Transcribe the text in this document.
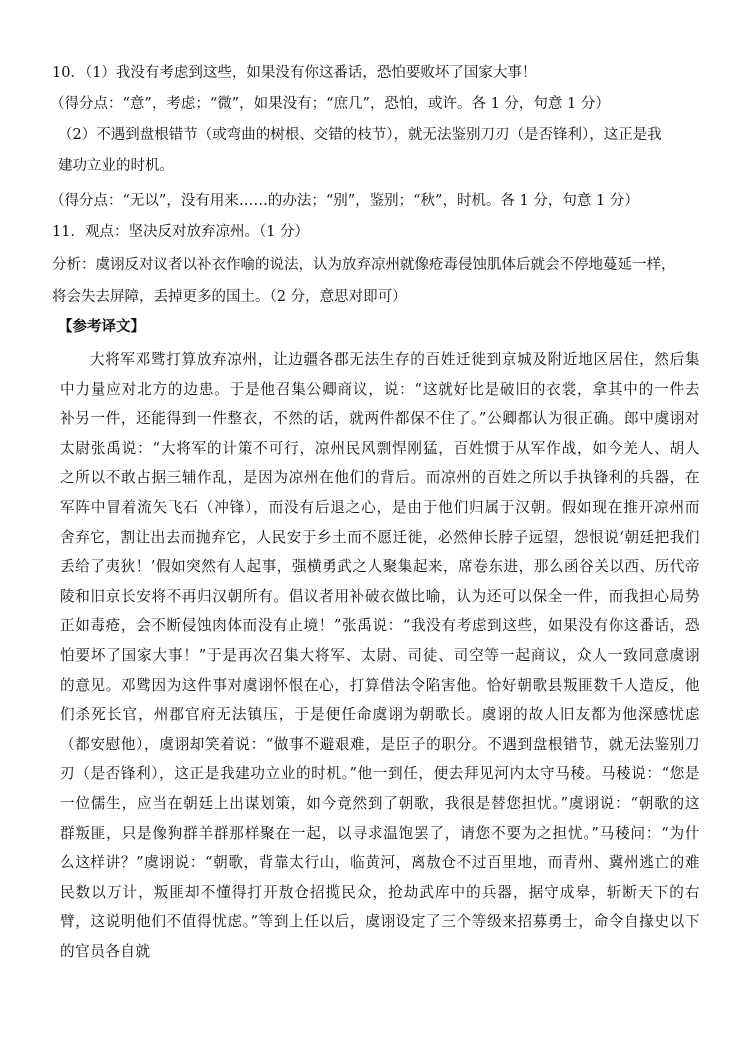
10．（1）我没有考虑到这些，如果没有你这番话，恐怕要败坏了国家大事！
（得分点：“意”，考虑；“微”，如果没有；“庶几”，恐怕，或许。各 1 分，句意 1 分）
（2）不遇到盘根错节（或弯曲的树根、交错的枝节），就无法鉴别刀刃（是否锋利），这正是我
建功立业的时机。
（得分点：“无以”，没有用来……的办法；“别”，鉴别；“秋”，时机。各 1 分，句意 1 分）
11．观点：坚决反对放弃凉州。（1 分）
分析：虞诩反对议者以补衣作喻的说法，认为放弃凉州就像疮毒侵蚀肌体后就会不停地蔓延一样，
将会失去屏障，丢掉更多的国土。（2 分，意思对即可）
【参考译文】
大将军邓骘打算放弃凉州，让边疆各郡无法生存的百姓迁徙到京城及附近地区居住，然后集中力量应对北方的边患。于是他召集公卿商议，说：“这就好比是破旧的衣裳，拿其中的一件去补另一件，还能得到一件整衣，不然的话，就两件都保不住了。”公卿都认为很正确。郎中虞诩对太尉张禹说：“大将军的计策不可行，凉州民风剽悍刚猛，百姓惯于从军作战，如今羌人、胡人之所以不敢占据三辅作乱，是因为凉州在他们的背后。而凉州的百姓之所以手执锋利的兵器，在军阵中冒着流矢飞石（冲锋），而没有后退之心，是由于他们归属于汉朝。假如现在推开凉州而舍弃它，割让出去而抛弃它，人民安于乡土而不愿迁徙，必然伸长脖子远望，怨恨说‘朝廷把我们丢给了夷狄！’假如突然有人起事，强横勇武之人聚集起来，席卷东进，那么函谷关以西、历代帝陵和旧京长安将不再归汉朝所有。倡议者用补破衣做比喻，认为还可以保全一件，而我担心局势正如毒疮，会不断侵蚀肉体而没有止境！”张禹说：“我没有考虑到这些，如果没有你这番话，恐怕要坏了国家大事！”于是再次召集大将军、太尉、司徒、司空等一起商议，众人一致同意虞诩的意见。邓骘因为这件事对虞诩怀恨在心，打算借法令陷害他。恰好朝歌县叛匪数千人造反，他们杀死长官，州郡官府无法镇压，于是便任命虞诩为朝歌长。虞诩的故人旧友都为他深感忧虑（都安慰他），虞诩却笑着说：“做事不避艰难，是臣子的职分。不遇到盘根错节，就无法鉴别刀刃（是否锋利），这正是我建功立业的时机。”他一到任，便去拜见河内太守马稜。马稜说：“您是一位儒生，应当在朝廷上出谋划策，如今竟然到了朝歌，我很是替您担忧。”虞诩说：“朝歌的这群叛匪，只是像狗群羊群那样聚在一起，以寻求温饱罢了，请您不要为之担忧。”马稜问：“为什么这样讲？”虞诩说：“朝歌，背靠太行山，临黄河，离敖仓不过百里地，而青州、冀州逃亡的难民数以万计，叛匪却不懂得打开敖仓招揽民众，抢劫武库中的兵器，据守成皋，斩断天下的右臂，这说明他们不值得忧虑。”等到上任以后，虞诩设定了三个等级来招募勇士，命令自掾史以下的官员各自就
